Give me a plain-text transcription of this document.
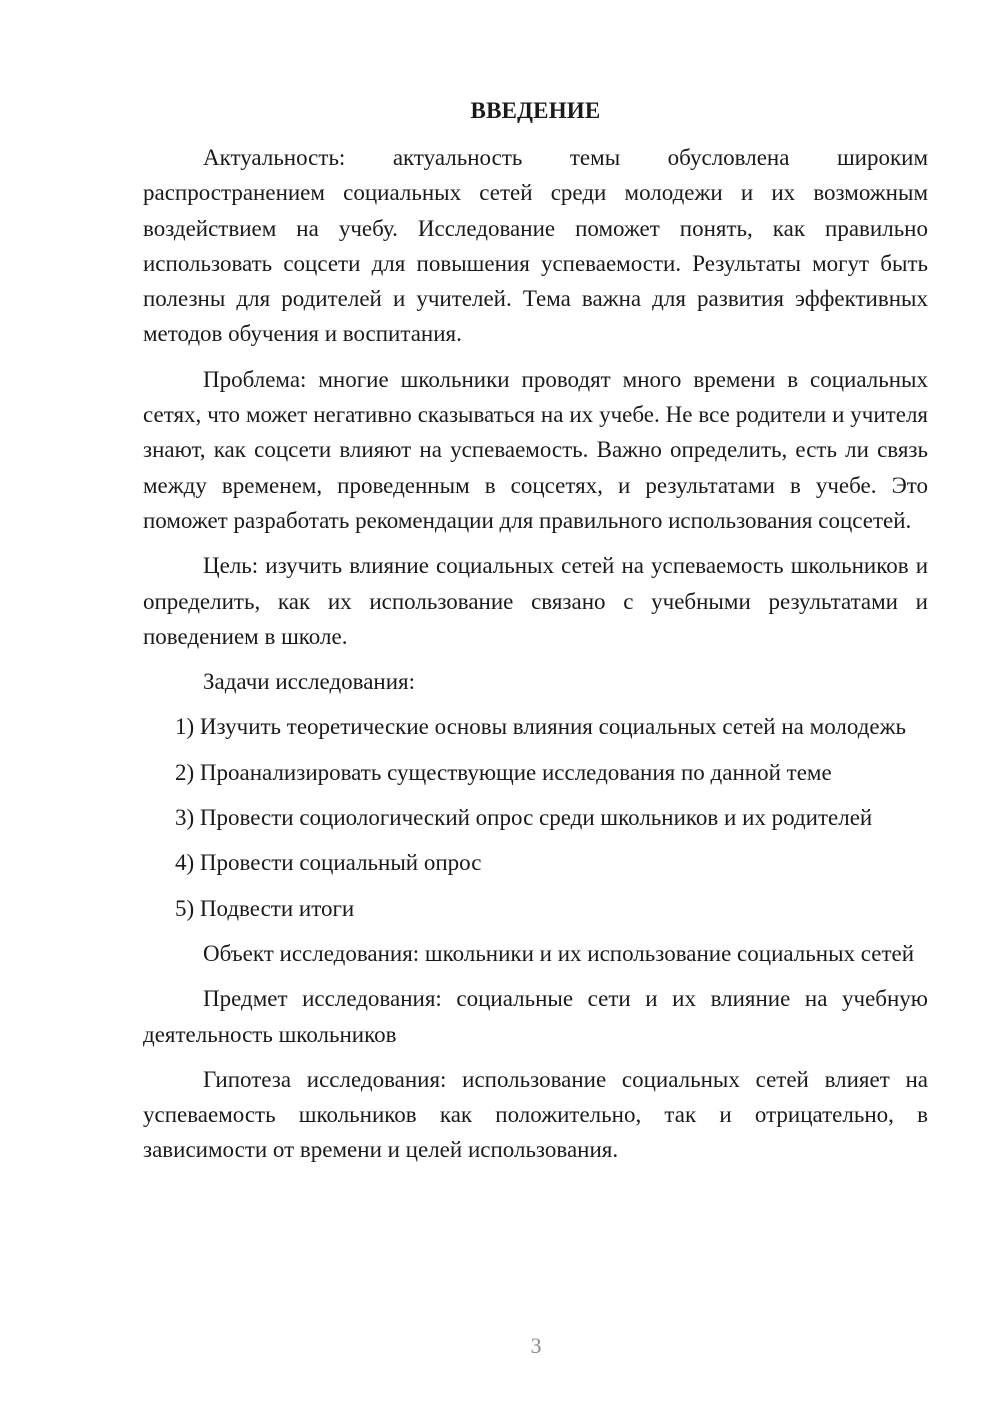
ВВЕДЕНИЕ

Актуальность: актуальность темы обусловлена широким распространением социальных сетей среди молодежи и их возможным воздействием на учебу. Исследование поможет понять, как правильно использовать соцсети для повышения успеваемости. Результаты могут быть полезны для родителей и учителей. Тема важна для развития эффективных методов обучения и воспитания.

Проблема: многие школьники проводят много времени в социальных сетях, что может негативно сказываться на их учебе. Не все родители и учителя знают, как соцсети влияют на успеваемость. Важно определить, есть ли связь между временем, проведенным в соцсетях, и результатами в учебе. Это поможет разработать рекомендации для правильного использования соцсетей.

Цель: изучить влияние социальных сетей на успеваемость школьников и определить, как их использование связано с учебными результатами и поведением в школе.

Задачи исследования:

1) Изучить теоретические основы влияния социальных сетей на молодежь

2) Проанализировать существующие исследования по данной теме

3) Провести социологический опрос среди школьников и их родителей

4) Провести социальный опрос

5) Подвести итоги

Объект исследования: школьники и их использование социальных сетей

Предмет исследования: социальные сети и их влияние на учебную деятельность школьников

Гипотеза исследования: использование социальных сетей влияет на успеваемость школьников как положительно, так и отрицательно, в зависимости от времени и целей использования.

3
